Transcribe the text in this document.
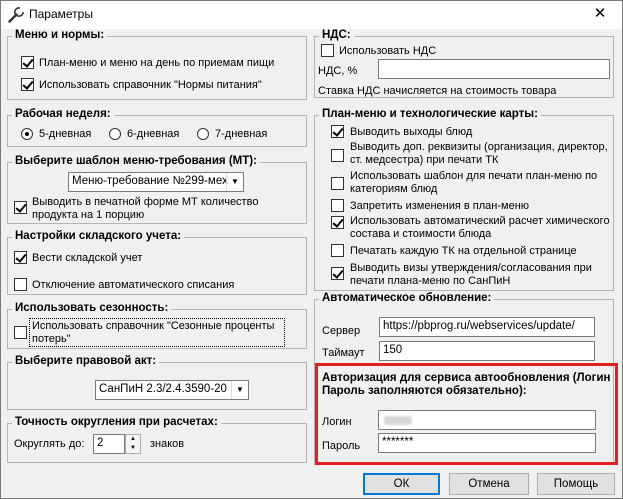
Параметры	✕
Меню и нормы:
План-меню и меню на день по приемам пищи
Использовать справочник "Нормы питания"
Рабочая неделя:
5-дневная	6-дневная	7-дневная
Выберите шаблон меню-требования (МТ):
Меню-требование №299-мех ▼
Выводить в печатной форме МТ количество продукта на 1 порцию
Настройки складского учета:
Вести складской учет
Отключение автоматического списания
Использовать сезонность:
Использовать справочник "Сезонные проценты потерь"
Выберите правовой акт:
СанПиН 2.3/2.4.3590-20	▼
Точность округления при расчетах:
Округлять до:	2	▲
▼	знаков
НДС:
Использовать НДС
НДС, %
Ставка НДС начисляется на стоимость товара
План-меню и технологические карты:
Выводить выходы блюд
Выводить доп. реквизиты (организация, директор, ст. медсестра) при печати ТК
Использовать шаблон для печати план-меню по категориям блюд
Запретить изменения в план-меню
Использовать автоматический расчет химического состава и стоимости блюда
Печатать каждую ТК на отдельной странице
Выводить визы утверждения/согласования при печати плана-меню по СанПиН
Автоматическое обновление:
Сервер	https://pbprog.ru/webservices/update/
Таймаут	150
Авторизация для сервиса автообновления (Логин Пароль заполняются обязательно):
Логин
Пароль	*******
ОК	Отмена	Помощь
